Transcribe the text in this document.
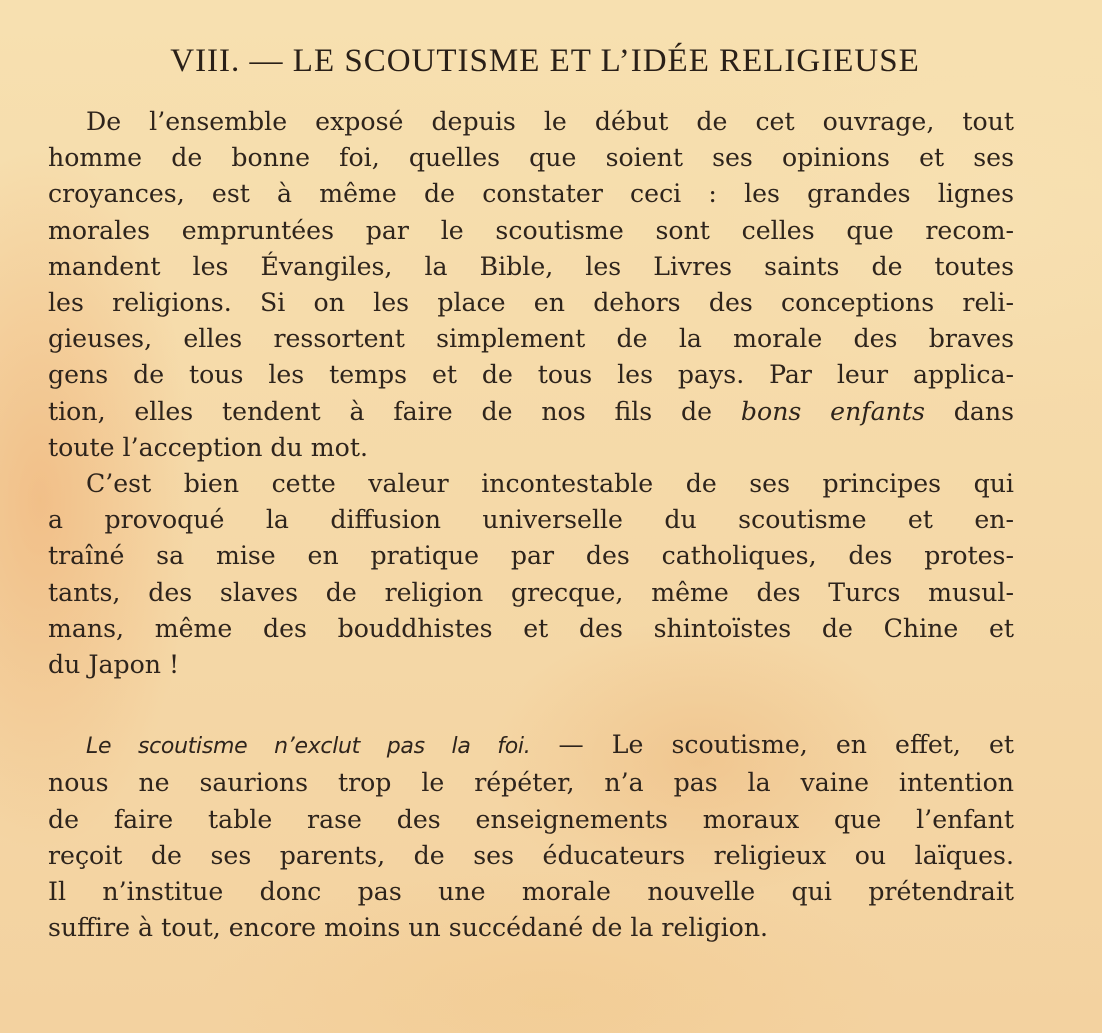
VIII. — LE SCOUTISME ET L’IDÉE RELIGIEUSE

De l’ensemble exposé depuis le début de cet ouvrage, tout
homme de bonne foi, quelles que soient ses opinions et ses
croyances, est à même de constater ceci : les grandes lignes
morales empruntées par le scoutisme sont celles que recom-
mandent les Évangiles, la Bible, les Livres saints de toutes
les religions. Si on les place en dehors des conceptions reli-
gieuses, elles ressortent simplement de la morale des braves
gens de tous les temps et de tous les pays. Par leur applica-
tion, elles tendent à faire de nos fils de bons enfants dans
toute l’acception du mot.

C’est bien cette valeur incontestable de ses principes qui
a provoqué la diffusion universelle du scoutisme et en-
traîné sa mise en pratique par des catholiques, des protes-
tants, des slaves de religion grecque, même des Turcs musul-
mans, même des bouddhistes et des shintoïstes de Chine et
du Japon !

Le scoutisme n’exclut pas la foi. — Le scoutisme, en effet, et
nous ne saurions trop le répéter, n’a pas la vaine intention
de faire table rase des enseignements moraux que l’enfant
reçoit de ses parents, de ses éducateurs religieux ou laïques.
Il n’institue donc pas une morale nouvelle qui prétendrait
suffire à tout, encore moins un succédané de la religion.
